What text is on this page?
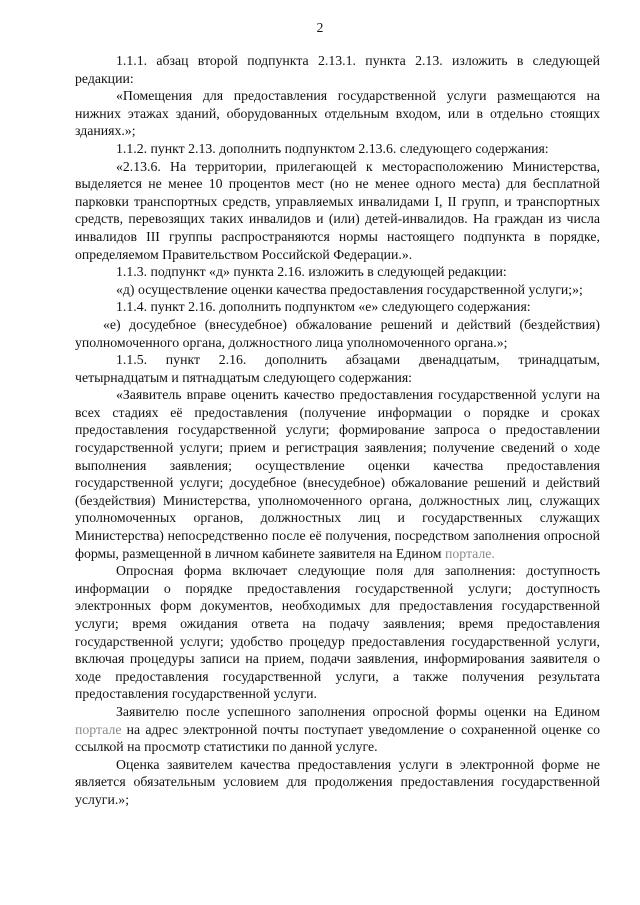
2

1.1.1. абзац второй подпункта 2.13.1. пункта 2.13. изложить в следующей редакции:

«Помещения для предоставления государственной услуги размещаются на нижних этажах зданий, оборудованных отдельным входом, или в отдельно стоящих зданиях.»;

1.1.2. пункт 2.13. дополнить подпунктом 2.13.6. следующего содержания:

«2.13.6. На территории, прилегающей к месторасположению Министерства, выделяется не менее 10 процентов мест (но не менее одного места) для бесплатной парковки транспортных средств, управляемых инвалидами I, II групп, и транспортных средств, перевозящих таких инвалидов и (или) детей-инвалидов. На граждан из числа инвалидов III группы распространяются нормы настоящего подпункта в порядке, определяемом Правительством Российской Федерации.».

1.1.3. подпункт «д» пункта 2.16. изложить в следующей редакции:

«д) осуществление оценки качества предоставления государственной услуги;»;

1.1.4. пункт 2.16. дополнить подпунктом «е» следующего содержания:

«е) досудебное (внесудебное) обжалование решений и действий (бездействия) уполномоченного органа, должностного лица уполномоченного органа.»;

1.1.5. пункт 2.16. дополнить абзацами двенадцатым, тринадцатым, четырнадцатым и пятнадцатым следующего содержания:

«Заявитель вправе оценить качество предоставления государственной услуги на всех стадиях её предоставления (получение информации о порядке и сроках предоставления государственной услуги; формирование запроса о предоставлении государственной услуги; прием и регистрация заявления; получение сведений о ходе выполнения заявления; осуществление оценки качества предоставления государственной услуги; досудебное (внесудебное) обжалование решений и действий (бездействия) Министерства, уполномоченного органа, должностных лиц, служащих уполномоченных органов, должностных лиц и государственных служащих Министерства) непосредственно после её получения, посредством заполнения опросной формы, размещенной в личном кабинете заявителя на Едином портале.

Опросная форма включает следующие поля для заполнения: доступность информации о порядке предоставления государственной услуги; доступность электронных форм документов, необходимых для предоставления государственной услуги; время ожидания ответа на подачу заявления; время предоставления государственной услуги; удобство процедур предоставления государственной услуги, включая процедуры записи на прием, подачи заявления, информирования заявителя о ходе предоставления государственной услуги, а также получения результата предоставления государственной услуги.

Заявителю после успешного заполнения опросной формы оценки на Едином портале на адрес электронной почты поступает уведомление о сохраненной оценке со ссылкой на просмотр статистики по данной услуге.

Оценка заявителем качества предоставления услуги в электронной форме не является обязательным условием для продолжения предоставления государственной услуги.»;
